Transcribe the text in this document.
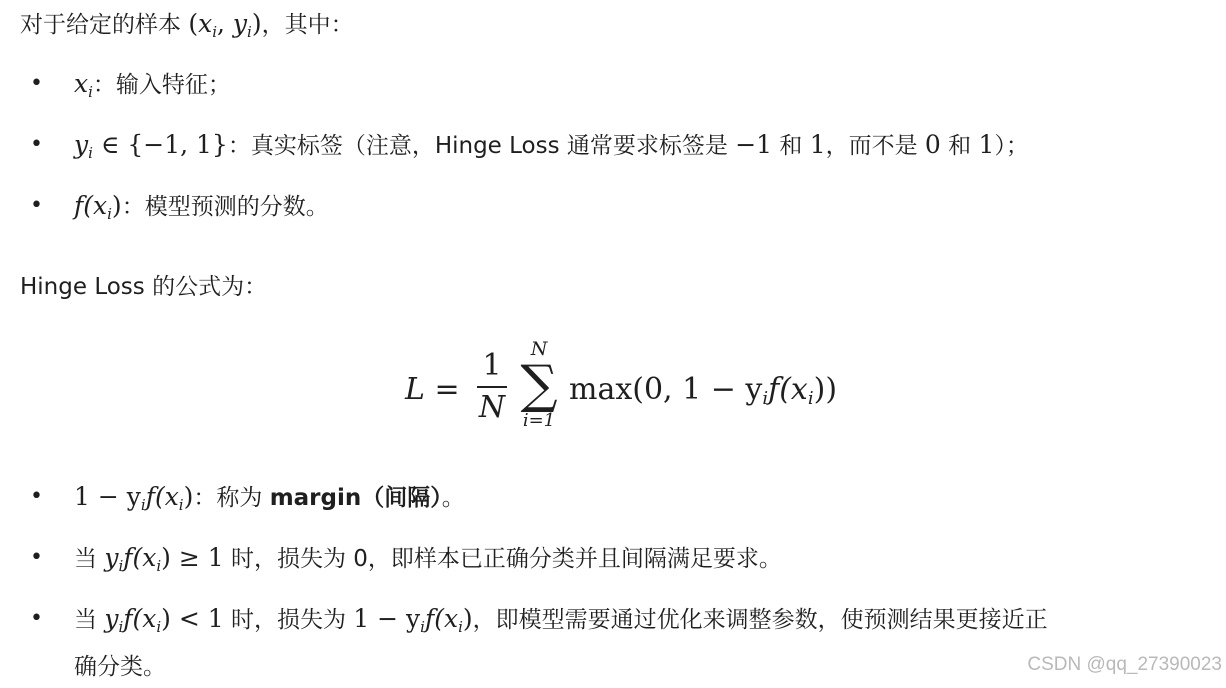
对于给定的样本 ($x_i$, $y_i$)，其中：
• $x_i$：输入特征；
• $y_i$ ∈ {−1, 1}：真实标签（注意，Hinge Loss 通常要求标签是 −1 和 1，而不是 0 和 1）；
• $f(x_i)$：模型预测的分数。
Hinge Loss 的公式为：
L =
1
N
N
∑
i=1
max(0, $1 - y_if(x_i)$)
• $1 - y_if(x_i)$：称为 margin（间隔）。
• 当 $y_if(x_i) \ge 1$ 时，损失为 0，即样本已正确分类并且间隔满足要求。
• 当 $y_if(x_i) < 1$ 时，损失为 $1 - y_if(x_i)$，即模型需要通过优化来调整参数，使预测结果更接近正
确分类。	CSDN @qq_27390023
